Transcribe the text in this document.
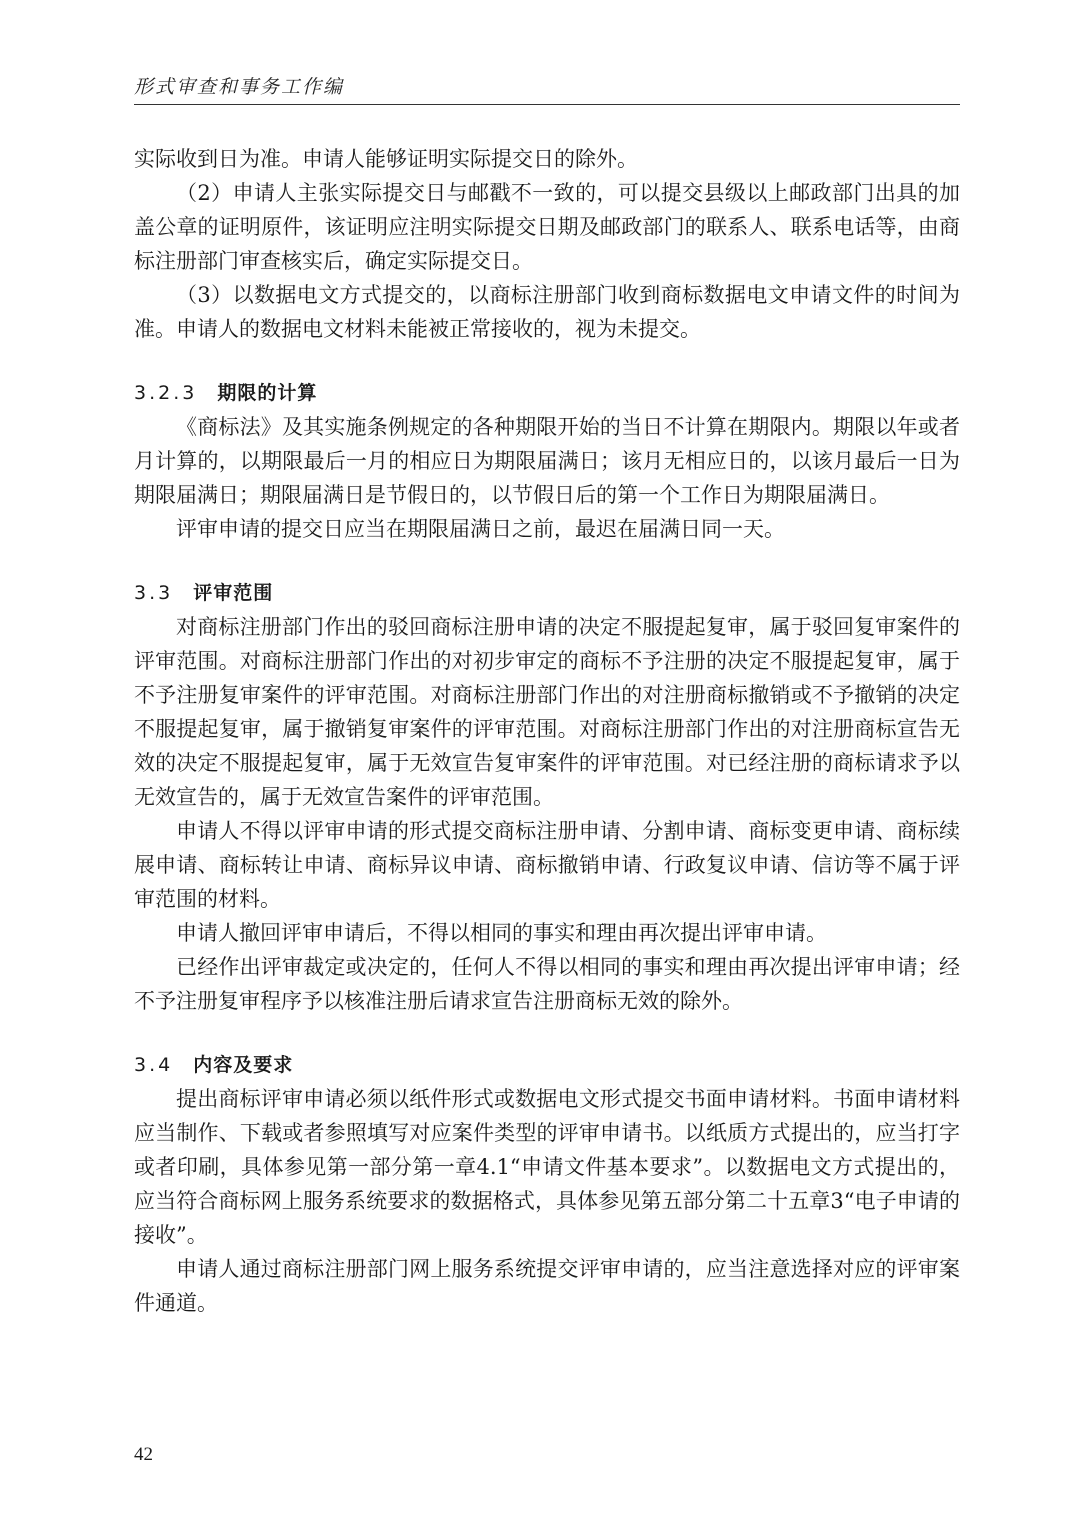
形式审查和事务工作编

实际收到日为准。申请人能够证明实际提交日的除外。

（2）申请人主张实际提交日与邮戳不一致的，可以提交县级以上邮政部门出具的加盖公章的证明原件，该证明应注明实际提交日期及邮政部门的联系人、联系电话等，由商标注册部门审查核实后，确定实际提交日。

（3）以数据电文方式提交的，以商标注册部门收到商标数据电文申请文件的时间为准。申请人的数据电文材料未能被正常接收的，视为未提交。

3.2.3 期限的计算

《商标法》及其实施条例规定的各种期限开始的当日不计算在期限内。期限以年或者月计算的，以期限最后一月的相应日为期限届满日；该月无相应日的，以该月最后一日为期限届满日；期限届满日是节假日的，以节假日后的第一个工作日为期限届满日。

评审申请的提交日应当在期限届满日之前，最迟在届满日同一天。

3.3 评审范围

对商标注册部门作出的驳回商标注册申请的决定不服提起复审，属于驳回复审案件的评审范围。对商标注册部门作出的对初步审定的商标不予注册的决定不服提起复审，属于不予注册复审案件的评审范围。对商标注册部门作出的对注册商标撤销或不予撤销的决定不服提起复审，属于撤销复审案件的评审范围。对商标注册部门作出的对注册商标宣告无效的决定不服提起复审，属于无效宣告复审案件的评审范围。对已经注册的商标请求予以无效宣告的，属于无效宣告案件的评审范围。

申请人不得以评审申请的形式提交商标注册申请、分割申请、商标变更申请、商标续展申请、商标转让申请、商标异议申请、商标撤销申请、行政复议申请、信访等不属于评审范围的材料。

申请人撤回评审申请后，不得以相同的事实和理由再次提出评审申请。

已经作出评审裁定或决定的，任何人不得以相同的事实和理由再次提出评审申请；经不予注册复审程序予以核准注册后请求宣告注册商标无效的除外。

3.4 内容及要求

提出商标评审申请必须以纸件形式或数据电文形式提交书面申请材料。书面申请材料应当制作、下载或者参照填写对应案件类型的评审申请书。以纸质方式提出的，应当打字或者印刷，具体参见第一部分第一章4.1“申请文件基本要求”。以数据电文方式提出的，应当符合商标网上服务系统要求的数据格式，具体参见第五部分第二十五章3“电子申请的接收”。

申请人通过商标注册部门网上服务系统提交评审申请的，应当注意选择对应的评审案件通道。

42
